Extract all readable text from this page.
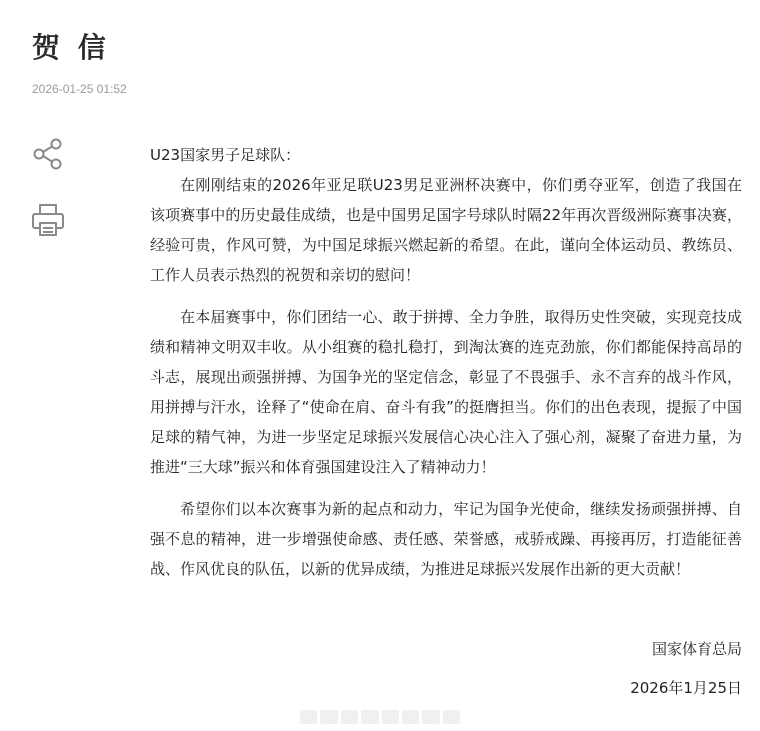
贺 信
2026-01-25 01:52

U23国家男子足球队：

在刚刚结束的2026年亚足联U23男足亚洲杯决赛中，你们勇夺亚军，创造了我国在该项赛事中的历史最佳成绩，也是中国男足国字号球队时隔22年再次晋级洲际赛事决赛，经验可贵，作风可赞，为中国足球振兴燃起新的希望。在此，谨向全体运动员、教练员、工作人员表示热烈的祝贺和亲切的慰问！

在本届赛事中，你们团结一心、敢于拼搏、全力争胜，取得历史性突破，实现竞技成绩和精神文明双丰收。从小组赛的稳扎稳打，到淘汰赛的连克劲旅，你们都能保持高昂的斗志，展现出顽强拼搏、为国争光的坚定信念，彰显了不畏强手、永不言弃的战斗作风，用拼搏与汗水，诠释了“使命在肩、奋斗有我”的挺膺担当。你们的出色表现，提振了中国足球的精气神，为进一步坚定足球振兴发展信心决心注入了强心剂，凝聚了奋进力量，为推进“三大球”振兴和体育强国建设注入了精神动力！

希望你们以本次赛事为新的起点和动力，牢记为国争光使命，继续发扬顽强拼搏、自强不息的精神，进一步增强使命感、责任感、荣誉感，戒骄戒躁、再接再厉，打造能征善战、作风优良的队伍，以新的优异成绩，为推进足球振兴发展作出新的更大贡献！

国家体育总局
2026年1月25日
